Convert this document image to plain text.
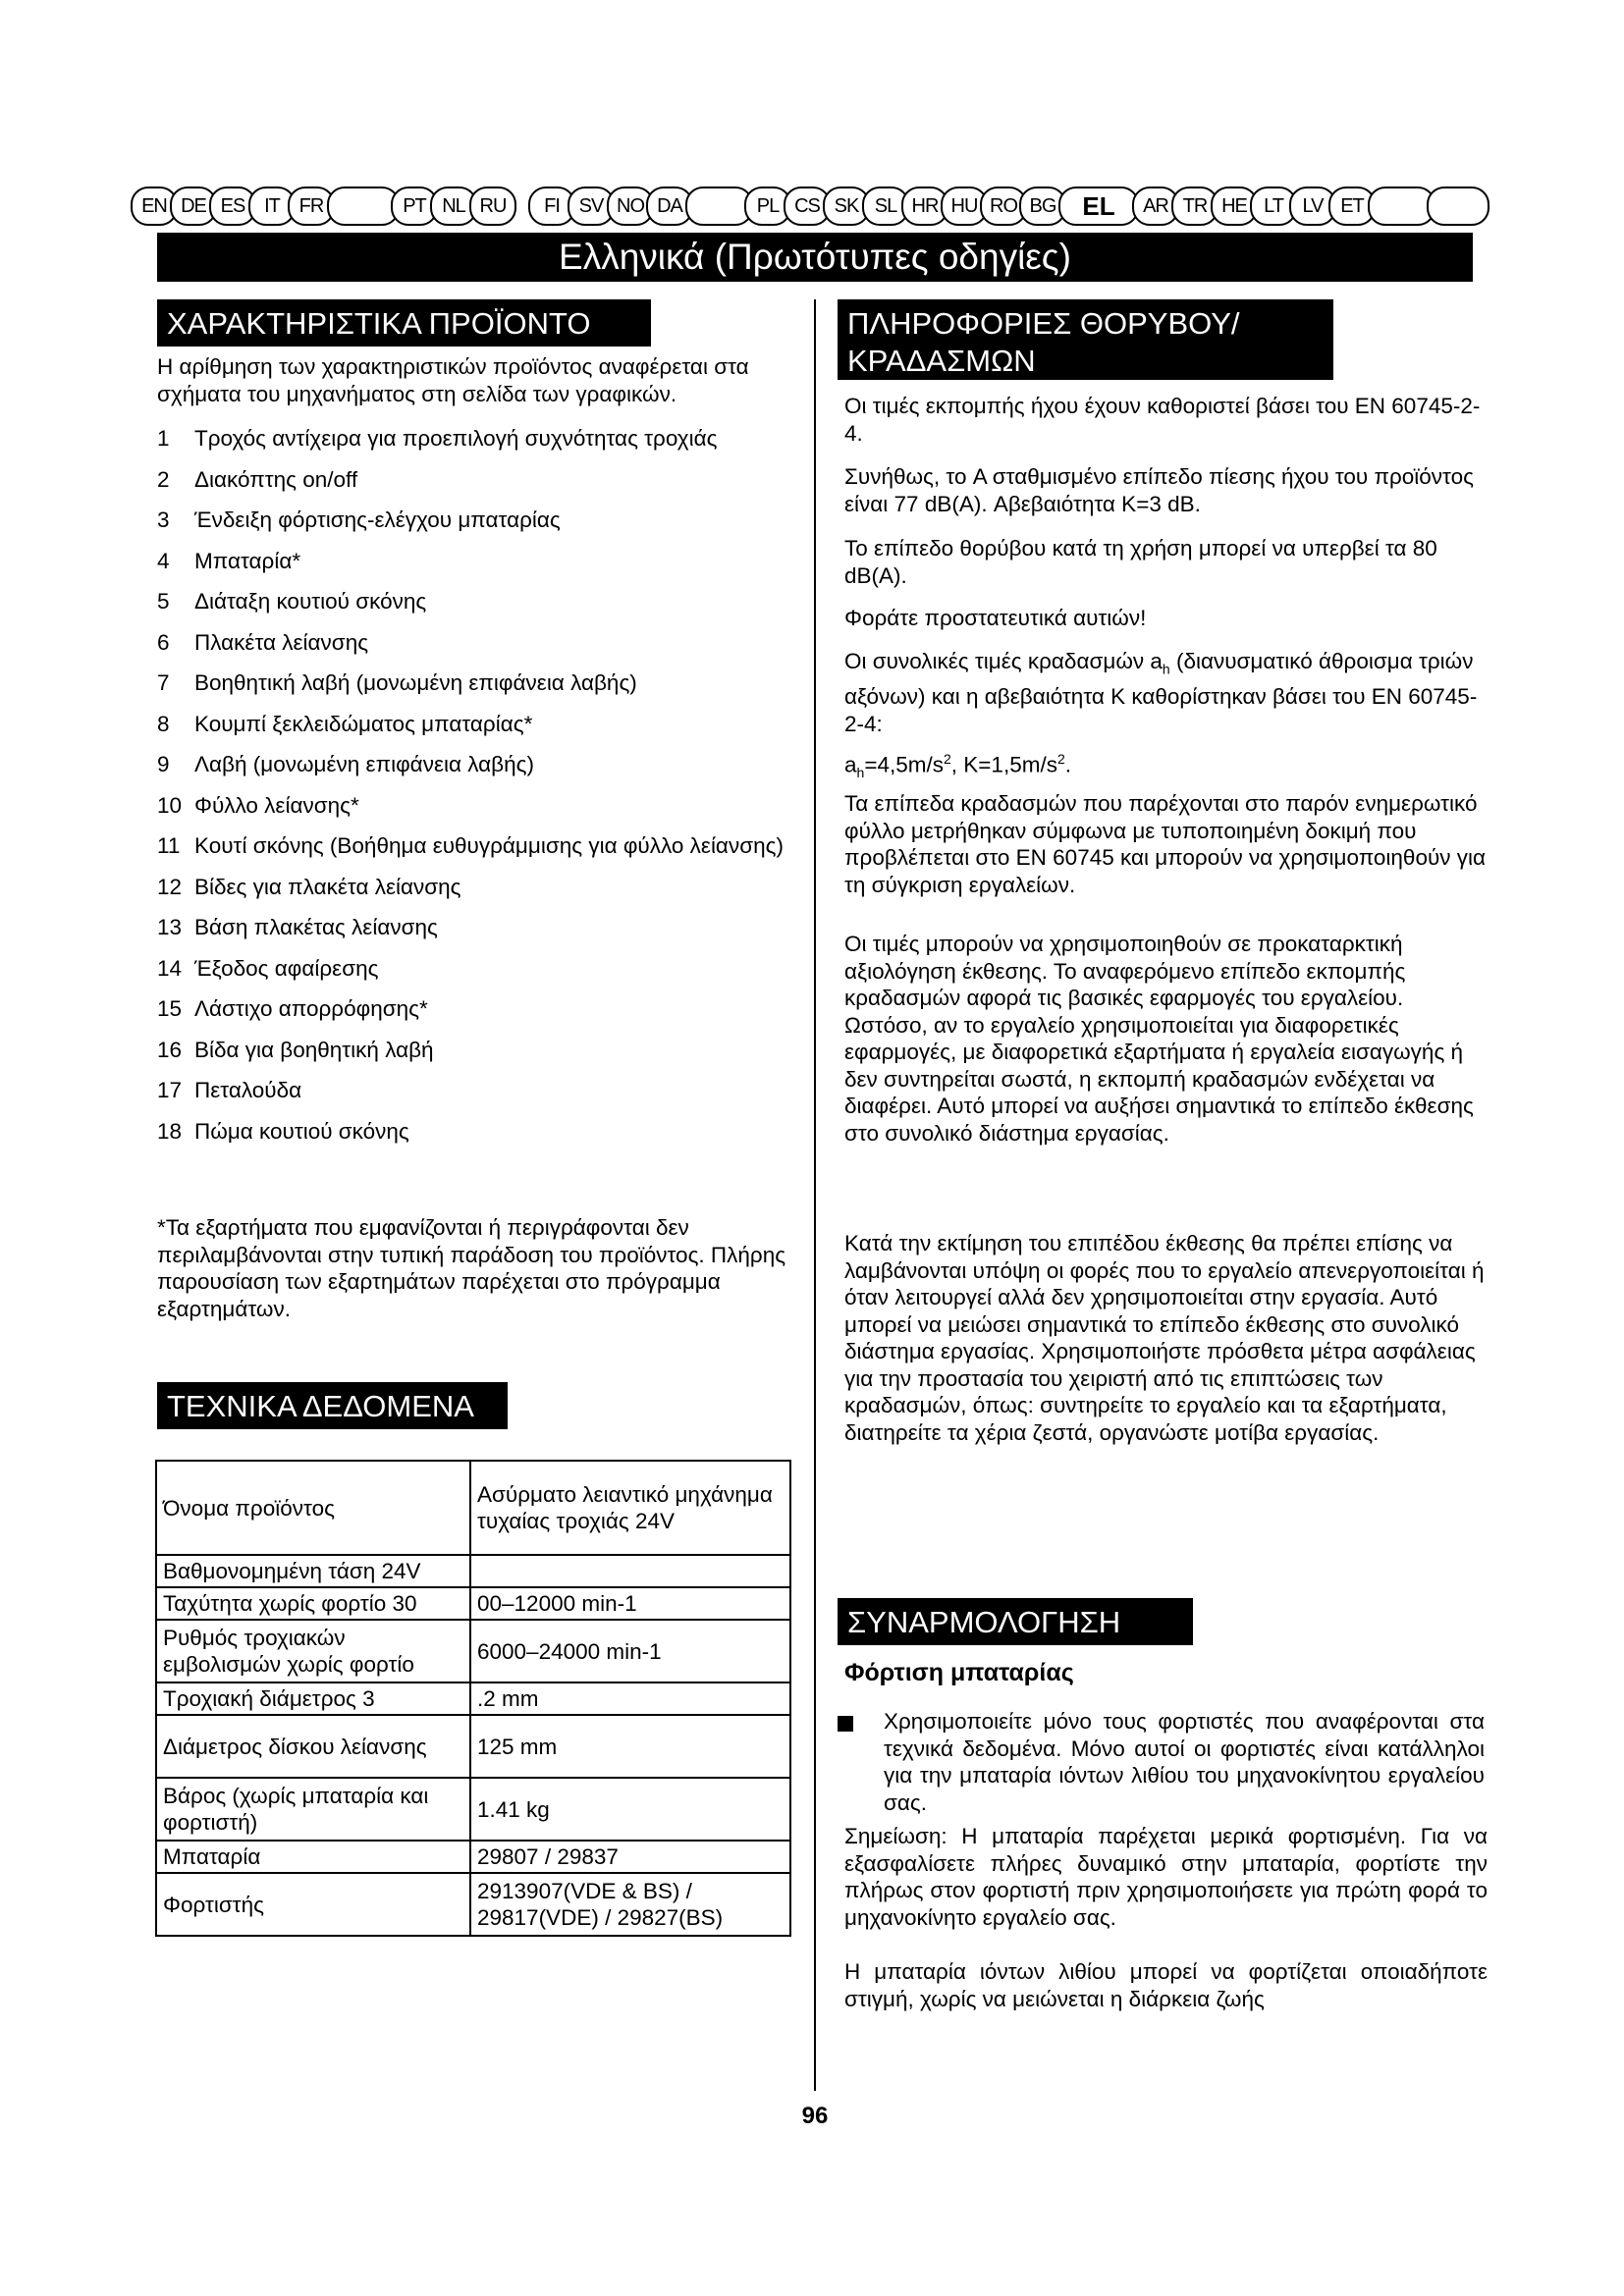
EN DE ES IT FR	PT NL RU	FI SV NO DA	PL CS SK SL HR HU RO BG	EL	AR TR HE LT LV ET
Ελληνικά (Πρωτότυπες οδηγίες)
ΧΑΡΑΚΤΗΡΙΣΤΙΚΑ ΠΡΟΪΟΝΤΟ

Η αρίθμηση των χαρακτηριστικών προϊόντος αναφέρεται στα σχήματα του μηχανήματος στη σελίδα των γραφικών.

1	Τροχός αντίχειρα για προεπιλογή συχνότητας τροχιάς
2	Διακόπτης on/off
3	Ένδειξη φόρτισης-ελέγχου μπαταρίας
4	Μπαταρία*
5	Διάταξη κουτιού σκόνης
6	Πλακέτα λείανσης
7	Βοηθητική λαβή (μονωμένη επιφάνεια λαβής)
8	Κουμπί ξεκλειδώματος μπαταρίας*
9	Λαβή (μονωμένη επιφάνεια λαβής)
10 Φύλλο λείανσης*
11 Κουτί σκόνης (Βοήθημα ευθυγράμμισης για φύλλο λείανσης)
12 Βίδες για πλακέτα λείανσης
13 Βάση πλακέτας λείανσης
14 Έξοδος αφαίρεσης
15 Λάστιχο απορρόφησης*
16 Βίδα για βοηθητική λαβή
17 Πεταλούδα
18 Πώμα κουτιού σκόνης

*Τα εξαρτήματα που εμφανίζονται ή περιγράφονται δεν περιλαμβάνονται στην τυπική παράδοση του προϊόντος. Πλήρης παρουσίαση των εξαρτημάτων παρέχεται στο πρόγραμμα εξαρτημάτων.

ΤΕΧΝΙΚΑ ΔΕΔΟΜΕΝΑ
Όνομα προϊόντος	Ασύρματο λειαντικό μηχάνημα τυχαίας τροχιάς 24V
Βαθμονομημένη τάση 24V	
Ταχύτητα χωρίς φορτίο 30	00–12000 min-1
Ρυθμός τροχιακών εμβολισμών χωρίς φορτίο	6000–24000 min-1
Τροχιακή διάμετρος 3	.2 mm
Διάμετρος δίσκου λείανσης	125 mm
Βάρος (χωρίς μπαταρία και φορτιστή)	1.41 kg
Μπαταρία	29807 / 29837
Φορτιστής	2913907(VDE & BS) / 29817(VDE) / 29827(BS)
ΠΛΗΡΟΦΟΡΙΕΣ ΘΟΡΥΒΟΥ/
ΚΡΑΔΑΣΜΩΝ

Οι τιμές εκπομπής ήχου έχουν καθοριστεί βάσει του EN 60745-2-4.

Συνήθως, το A σταθμισμένο επίπεδο πίεσης ήχου του προϊόντος είναι 77 dB(A). Αβεβαιότητα K=3 dB.

Το επίπεδο θορύβου κατά τη χρήση μπορεί να υπερβεί τα 80 dB(A).

Φοράτε προστατευτικά αυτιών!

Οι συνολικές τιμές κραδασμών $a_h$ (διανυσματικό άθροισμα τριών αξόνων) και η αβεβαιότητα K καθορίστηκαν βάσει του EN 60745-2-4:

$a_h=4,5m/s^2$, $K=1,5m/s^2$.

Τα επίπεδα κραδασμών που παρέχονται στο παρόν ενημερωτικό φύλλο μετρήθηκαν σύμφωνα με τυποποιημένη δοκιμή που προβλέπεται στο EN 60745 και μπορούν να χρησιμοποιηθούν για τη σύγκριση εργαλείων.

Οι τιμές μπορούν να χρησιμοποιηθούν σε προκαταρκτική αξιολόγηση έκθεσης. Το αναφερόμενο επίπεδο εκπομπής κραδασμών αφορά τις βασικές εφαρμογές του εργαλείου. Ωστόσο, αν το εργαλείο χρησιμοποιείται για διαφορετικές εφαρμογές, με διαφορετικά εξαρτήματα ή εργαλεία εισαγωγής ή δεν συντηρείται σωστά, η εκπομπή κραδασμών ενδέχεται να διαφέρει. Αυτό μπορεί να αυξήσει σημαντικά το επίπεδο έκθεσης στο συνολικό διάστημα εργασίας.

Κατά την εκτίμηση του επιπέδου έκθεσης θα πρέπει επίσης να λαμβάνονται υπόψη οι φορές που το εργαλείο απενεργοποιείται ή όταν λειτουργεί αλλά δεν χρησιμοποιείται στην εργασία. Αυτό μπορεί να μειώσει σημαντικά το επίπεδο έκθεσης στο συνολικό διάστημα εργασίας. Χρησιμοποιήστε πρόσθετα μέτρα ασφάλειας για την προστασία του χειριστή από τις επιπτώσεις των κραδασμών, όπως: συντηρείτε το εργαλείο και τα εξαρτήματα, διατηρείτε τα χέρια ζεστά, οργανώστε μοτίβα εργασίας.

ΣΥΝΑΡΜΟΛΟΓΗΣΗ
Φόρτιση μπαταρίας

Χρησιμοποιείτε μόνο τους φορτιστές που αναφέρονται στα τεχνικά δεδομένα. Μόνο αυτοί οι φορτιστές είναι κατάλληλοι για την μπαταρία ιόντων λιθίου του μηχανοκίνητου εργαλείου σας.

Σημείωση: Η μπαταρία παρέχεται μερικά φορτισμένη. Για να εξασφαλίσετε πλήρες δυναμικό στην μπαταρία, φορτίστε την πλήρως στον φορτιστή πριν χρησιμοποιήσετε για πρώτη φορά το μηχανοκίνητο εργαλείο σας.

Η μπαταρία ιόντων λιθίου μπορεί να φορτίζεται οποιαδήποτε στιγμή, χωρίς να μειώνεται η διάρκεια ζωής

96
